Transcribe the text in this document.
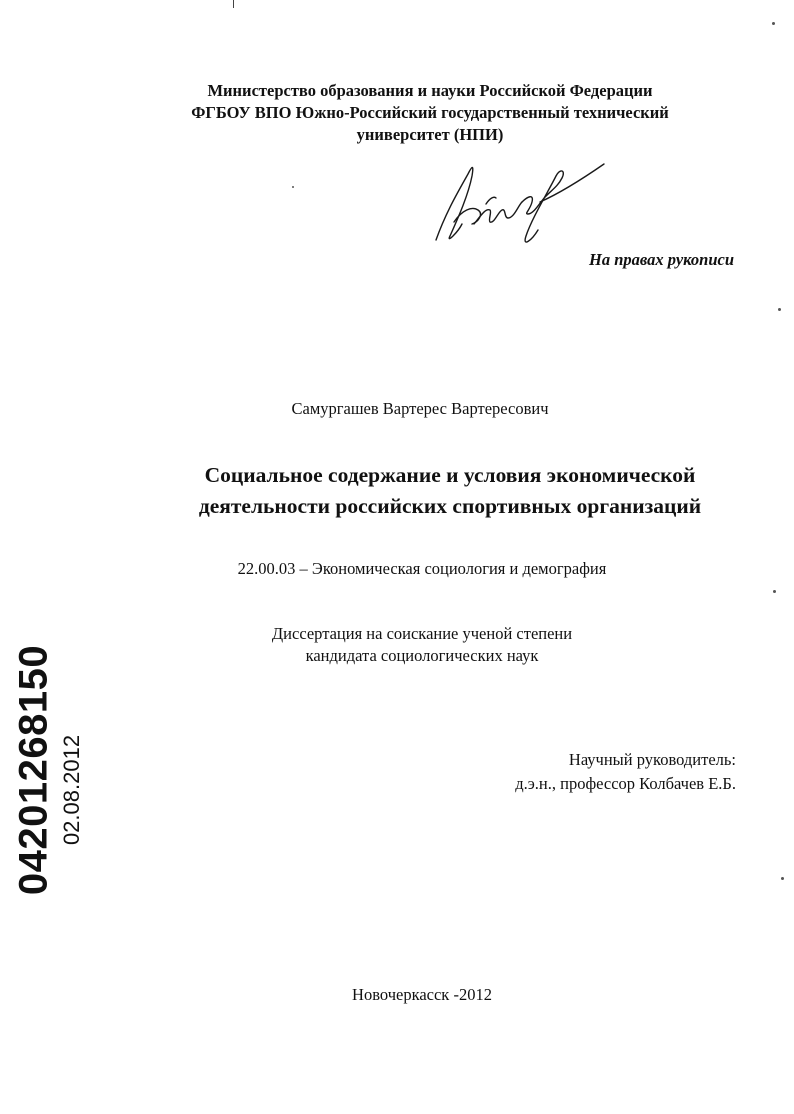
Министерство образования и науки Российской Федерации
ФГБОУ ВПО Южно-Российский государственный технический
университет (НПИ)
На правах рукописи
Самургашев Вартерес Вартересович
Социальное содержание и условия экономической
деятельности российских спортивных организаций
22.00.03 – Экономическая социология и демография
Диссертация на соискание ученой степени
кандидата социологических наук
Научный руководитель:
д.э.н., профессор Колбачев Е.Б.
Новочеркасск -2012
04201268150 02.08.2012
